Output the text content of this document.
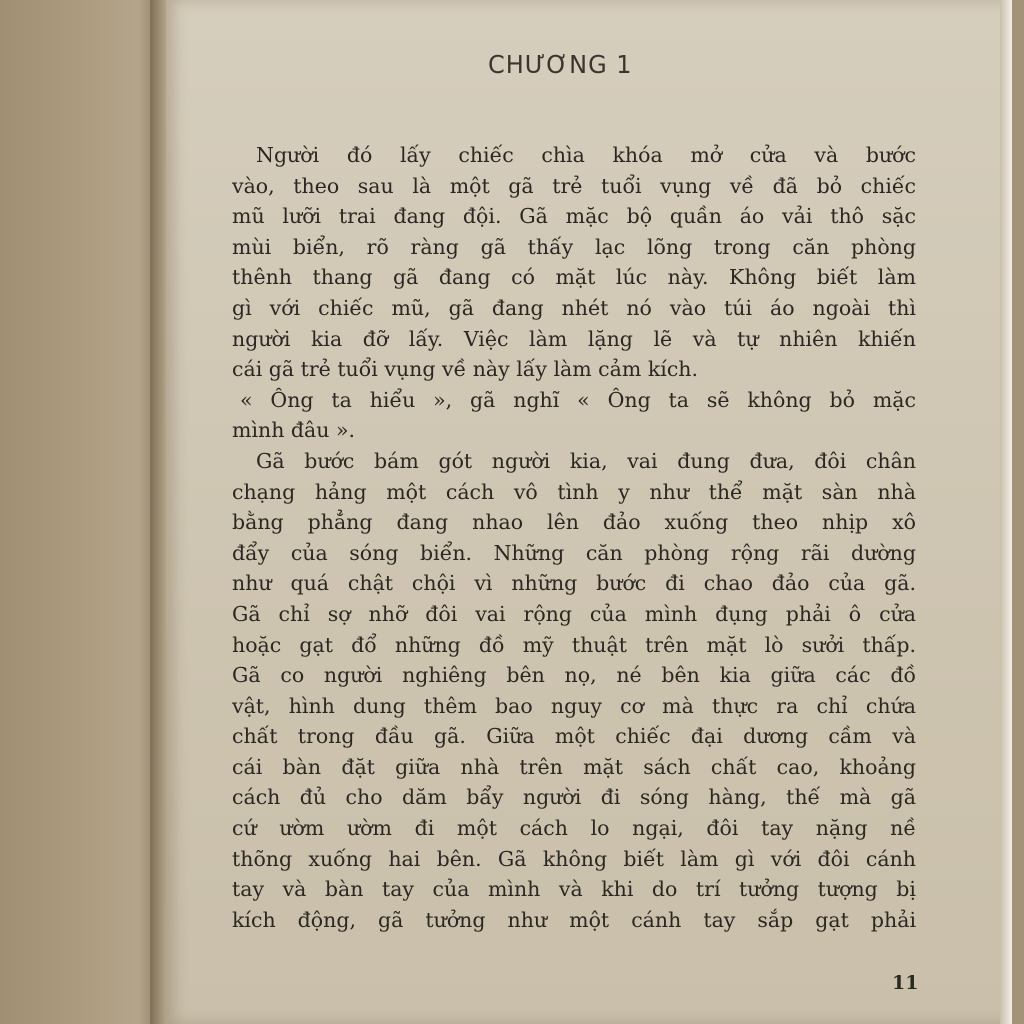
CHƯƠNG 1
Người đó lấy chiếc chìa khóa mở cửa và bước
vào, theo sau là một gã trẻ tuổi vụng về đã bỏ chiếc
mũ lưỡi trai đang đội. Gã mặc bộ quần áo vải thô sặc
mùi biển, rõ ràng gã thấy lạc lõng trong căn phòng
thênh thang gã đang có mặt lúc này. Không biết làm
gì với chiếc mũ, gã đang nhét nó vào túi áo ngoài thì
người kia đỡ lấy. Việc làm lặng lẽ và tự nhiên khiến
cái gã trẻ tuổi vụng về này lấy làm cảm kích.
« Ông ta hiểu », gã nghĩ « Ông ta sẽ không bỏ mặc
mình đâu ».
Gã bước bám gót người kia, vai đung đưa, đôi chân
chạng hảng một cách vô tình y như thể mặt sàn nhà
bằng phẳng đang nhao lên đảo xuống theo nhịp xô
đẩy của sóng biển. Những căn phòng rộng rãi dường
như quá chật chội vì những bước đi chao đảo của gã.
Gã chỉ sợ nhỡ đôi vai rộng của mình đụng phải ô cửa
hoặc gạt đổ những đồ mỹ thuật trên mặt lò sưởi thấp.
Gã co người nghiêng bên nọ, né bên kia giữa các đồ
vật, hình dung thêm bao nguy cơ mà thực ra chỉ chứa
chất trong đầu gã. Giữa một chiếc đại dương cầm và
cái bàn đặt giữa nhà trên mặt sách chất cao, khoảng
cách đủ cho dăm bẩy người đi sóng hàng, thế mà gã
cứ ườm ườm đi một cách lo ngại, đôi tay nặng nề
thõng xuống hai bên. Gã không biết làm gì với đôi cánh
tay và bàn tay của mình và khi do trí tưởng tượng bị
kích động, gã tưởng như một cánh tay sắp gạt phải
11
